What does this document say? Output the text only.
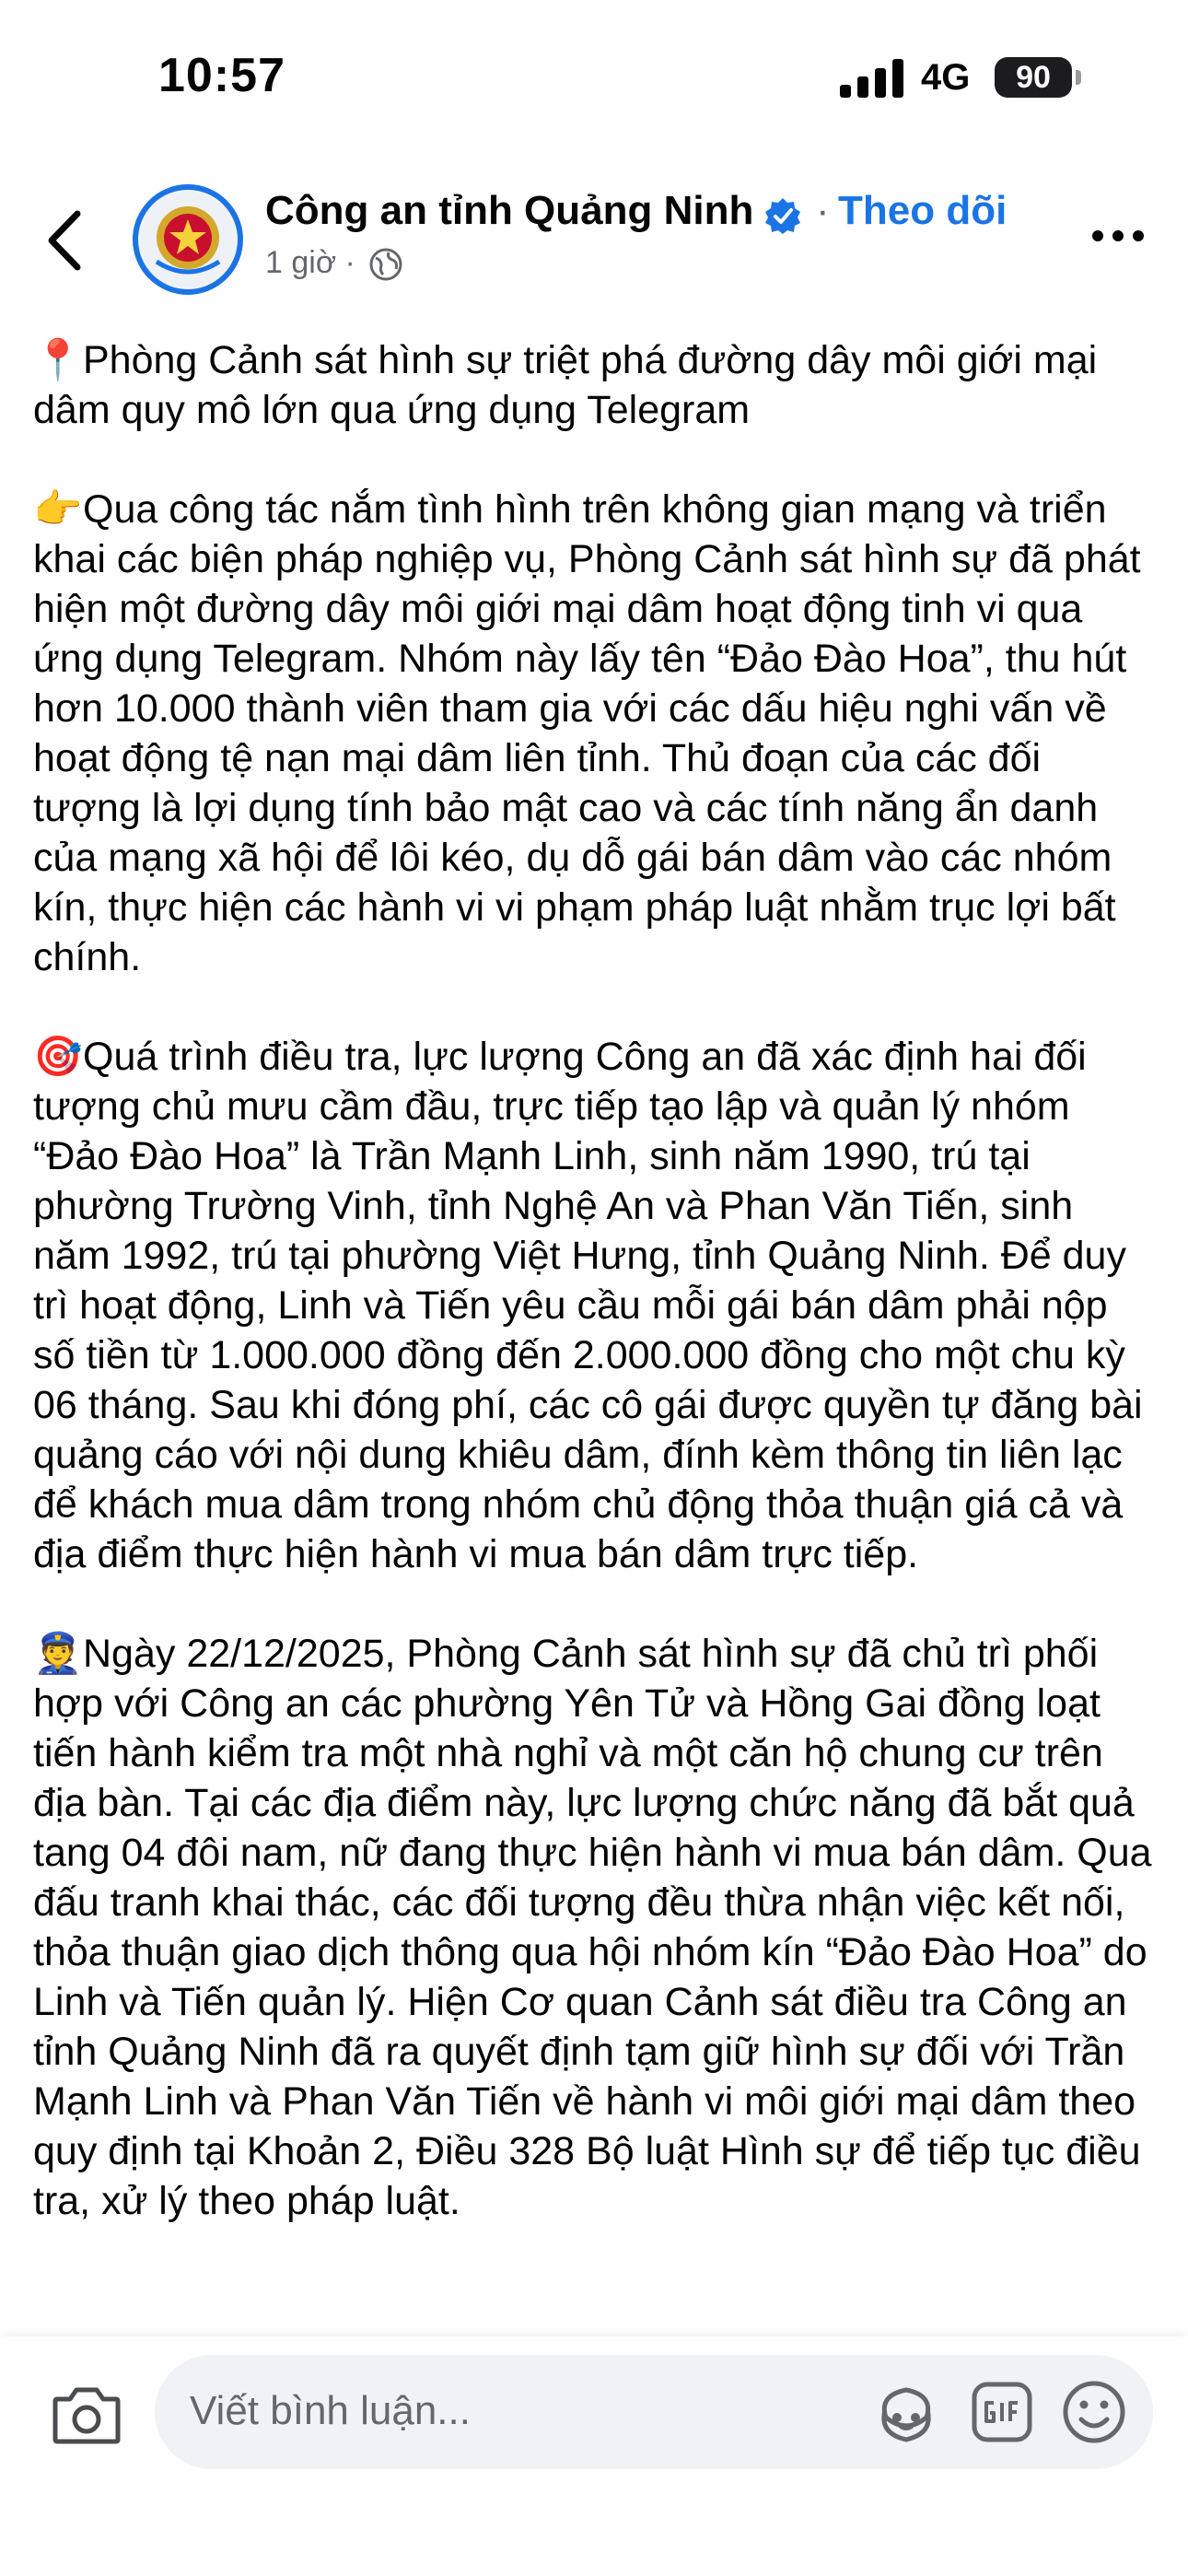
10:57	4G	90
Công an tỉnh Quảng Ninh · Theo dõi
1 giờ ·

📍Phòng Cảnh sát hình sự triệt phá đường dây môi giới mại dâm quy mô lớn qua ứng dụng Telegram

👉Qua công tác nắm tình hình trên không gian mạng và triển khai các biện pháp nghiệp vụ, Phòng Cảnh sát hình sự đã phát hiện một đường dây môi giới mại dâm hoạt động tinh vi qua ứng dụng Telegram. Nhóm này lấy tên “Đảo Đào Hoa”, thu hút hơn 10.000 thành viên tham gia với các dấu hiệu nghi vấn về hoạt động tệ nạn mại dâm liên tỉnh. Thủ đoạn của các đối tượng là lợi dụng tính bảo mật cao và các tính năng ẩn danh của mạng xã hội để lôi kéo, dụ dỗ gái bán dâm vào các nhóm kín, thực hiện các hành vi vi phạm pháp luật nhằm trục lợi bất chính.

🎯Quá trình điều tra, lực lượng Công an đã xác định hai đối tượng chủ mưu cầm đầu, trực tiếp tạo lập và quản lý nhóm “Đảo Đào Hoa” là Trần Mạnh Linh, sinh năm 1990, trú tại phường Trường Vinh, tỉnh Nghệ An và Phan Văn Tiến, sinh năm 1992, trú tại phường Việt Hưng, tỉnh Quảng Ninh. Để duy trì hoạt động, Linh và Tiến yêu cầu mỗi gái bán dâm phải nộp số tiền từ 1.000.000 đồng đến 2.000.000 đồng cho một chu kỳ 06 tháng. Sau khi đóng phí, các cô gái được quyền tự đăng bài quảng cáo với nội dung khiêu dâm, đính kèm thông tin liên lạc để khách mua dâm trong nhóm chủ động thỏa thuận giá cả và địa điểm thực hiện hành vi mua bán dâm trực tiếp.

👮Ngày 22/12/2025, Phòng Cảnh sát hình sự đã chủ trì phối hợp với Công an các phường Yên Tử và Hồng Gai đồng loạt tiến hành kiểm tra một nhà nghỉ và một căn hộ chung cư trên địa bàn. Tại các địa điểm này, lực lượng chức năng đã bắt quả tang 04 đôi nam, nữ đang thực hiện hành vi mua bán dâm. Qua đấu tranh khai thác, các đối tượng đều thừa nhận việc kết nối, thỏa thuận giao dịch thông qua hội nhóm kín “Đảo Đào Hoa” do Linh và Tiến quản lý. Hiện Cơ quan Cảnh sát điều tra Công an tỉnh Quảng Ninh đã ra quyết định tạm giữ hình sự đối với Trần Mạnh Linh và Phan Văn Tiến về hành vi môi giới mại dâm theo quy định tại Khoản 2, Điều 328 Bộ luật Hình sự để tiếp tục điều tra, xử lý theo pháp luật.

Viết bình luận...
